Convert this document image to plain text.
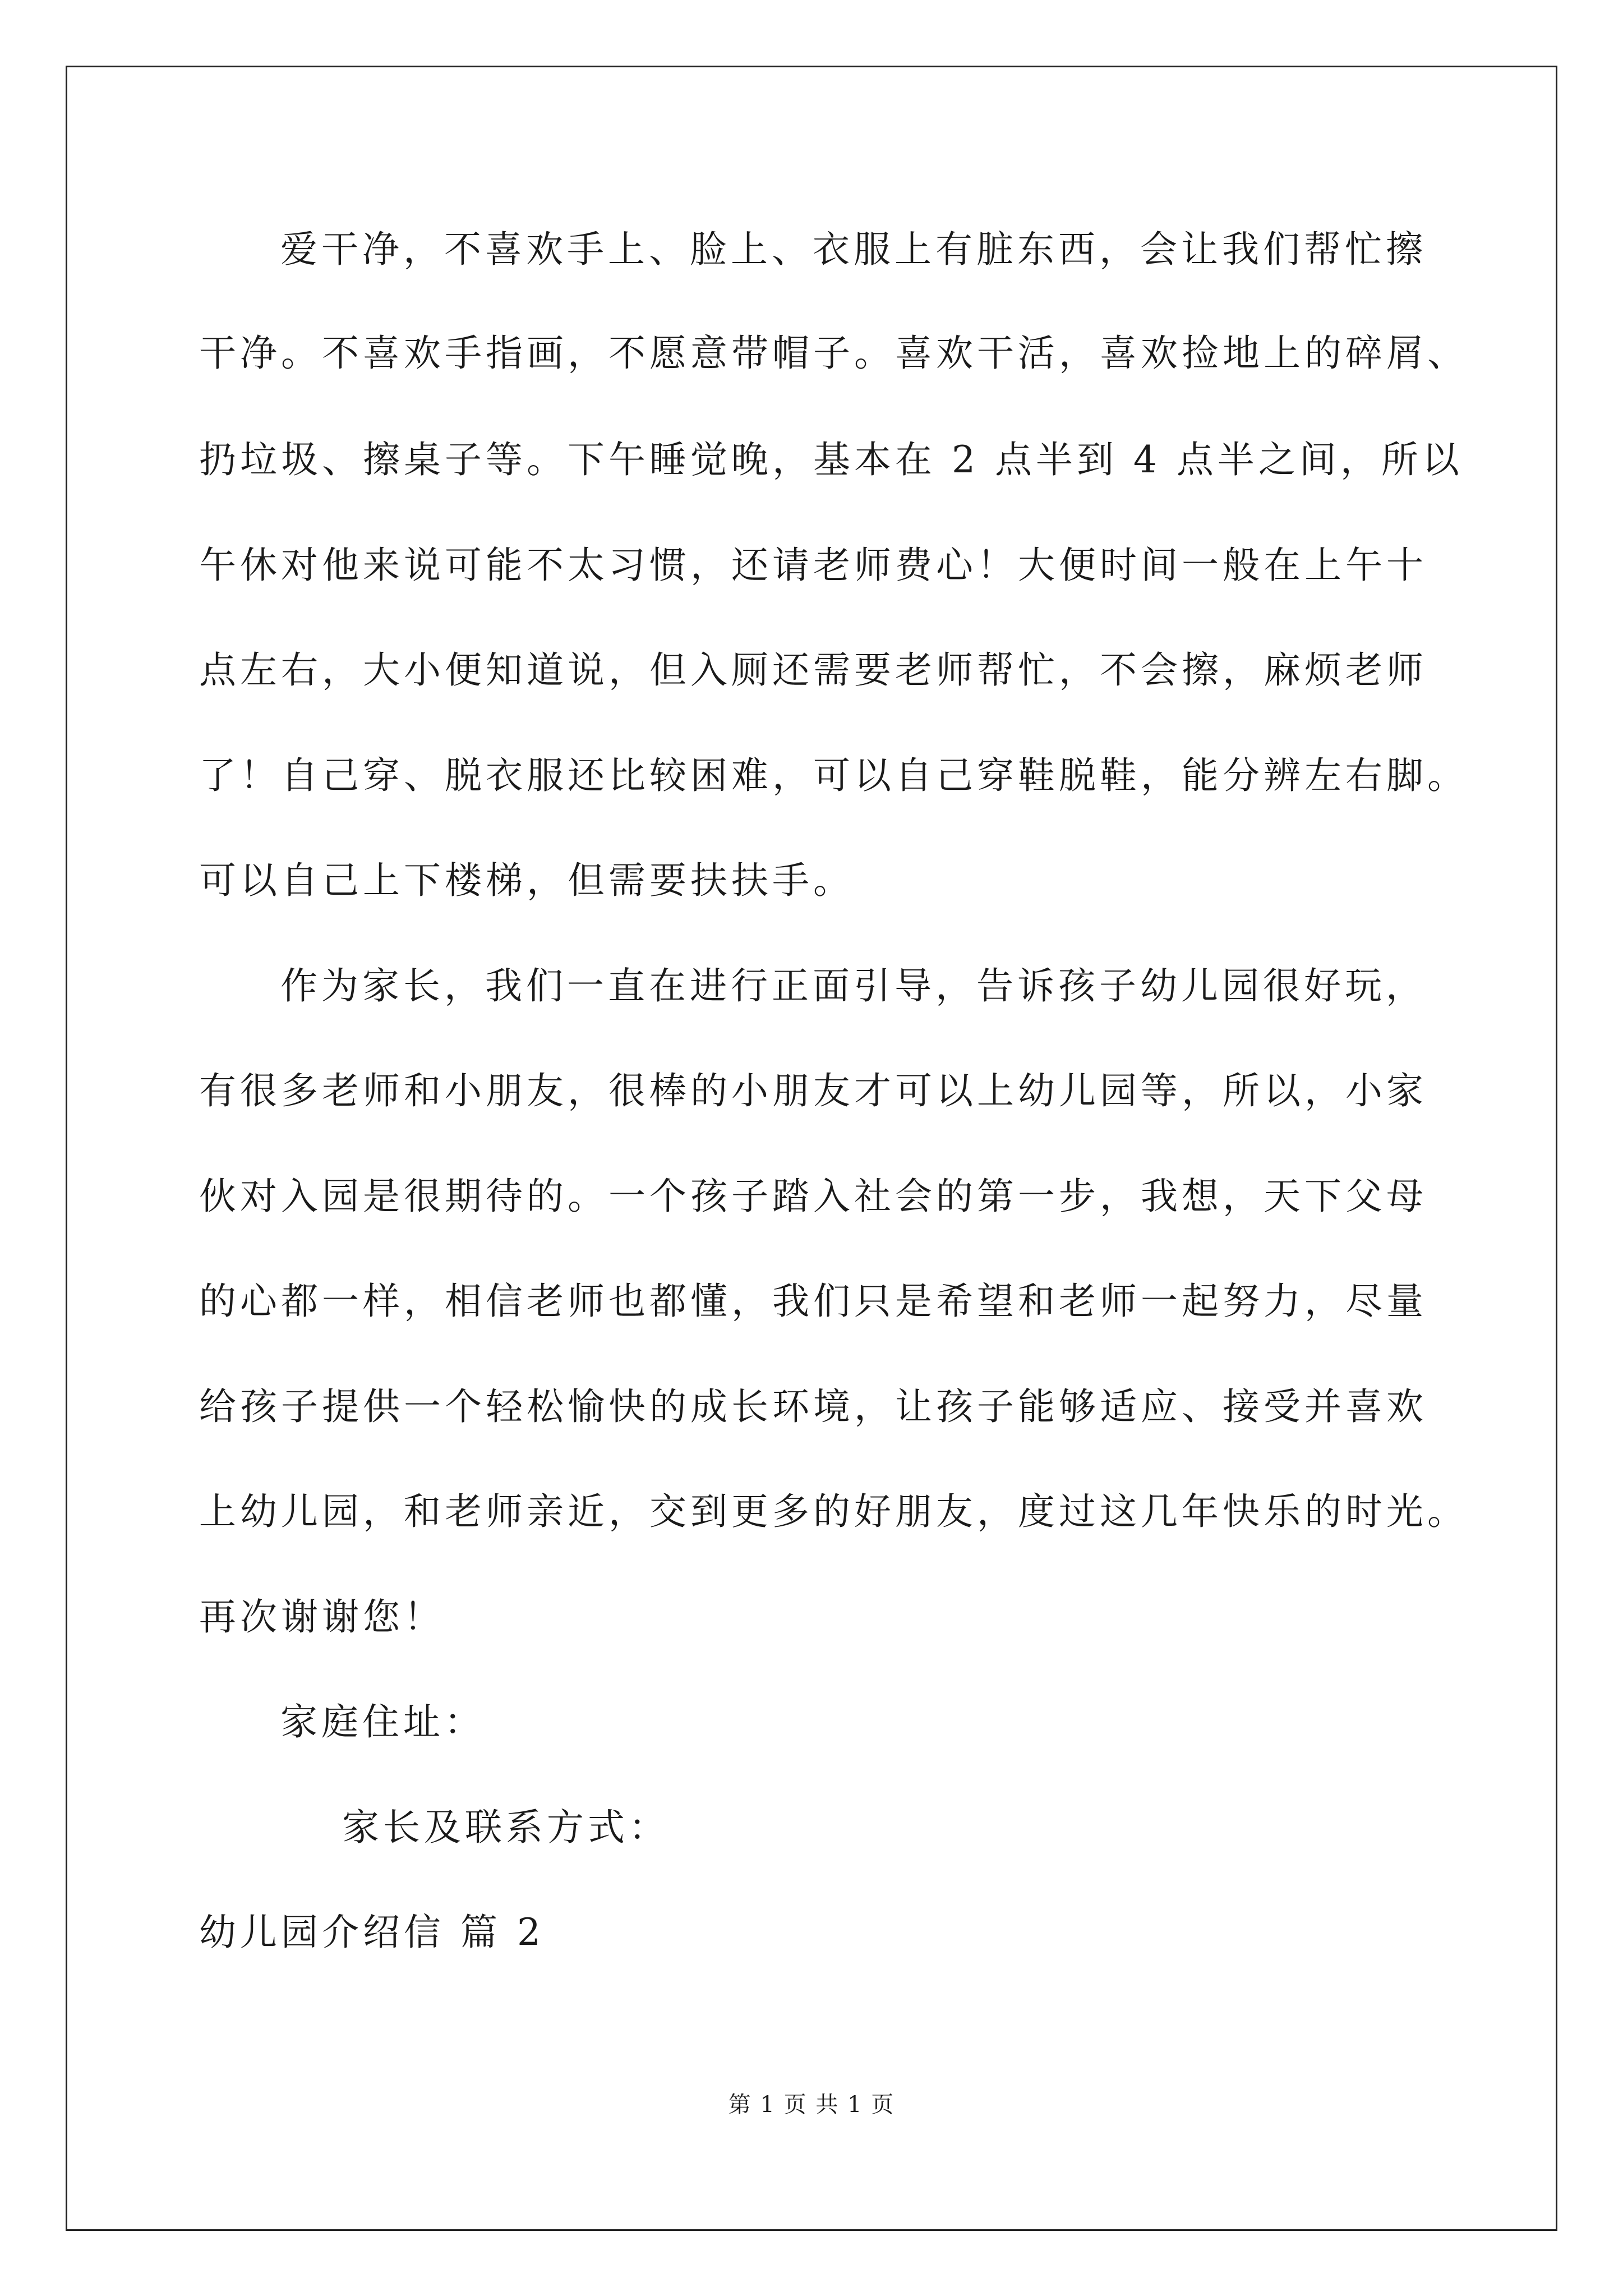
爱干净，不喜欢手上、脸上、衣服上有脏东西，会让我们帮忙擦
干净。不喜欢手指画，不愿意带帽子。喜欢干活，喜欢捡地上的碎屑、
扔垃圾、擦桌子等。下午睡觉晚，基本在 2 点半到 4 点半之间，所以
午休对他来说可能不太习惯，还请老师费心！大便时间一般在上午十
点左右，大小便知道说，但入厕还需要老师帮忙，不会擦，麻烦老师
了！自己穿、脱衣服还比较困难，可以自己穿鞋脱鞋，能分辨左右脚。
可以自己上下楼梯，但需要扶扶手。
作为家长，我们一直在进行正面引导，告诉孩子幼儿园很好玩，
有很多老师和小朋友，很棒的小朋友才可以上幼儿园等，所以，小家
伙对入园是很期待的。一个孩子踏入社会的第一步，我想，天下父母
的心都一样，相信老师也都懂，我们只是希望和老师一起努力，尽量
给孩子提供一个轻松愉快的成长环境，让孩子能够适应、接受并喜欢
上幼儿园，和老师亲近，交到更多的好朋友，度过这几年快乐的时光。
再次谢谢您！
家庭住址：
家长及联系方式：
幼儿园介绍信 篇 2
第 1 页 共 1 页
